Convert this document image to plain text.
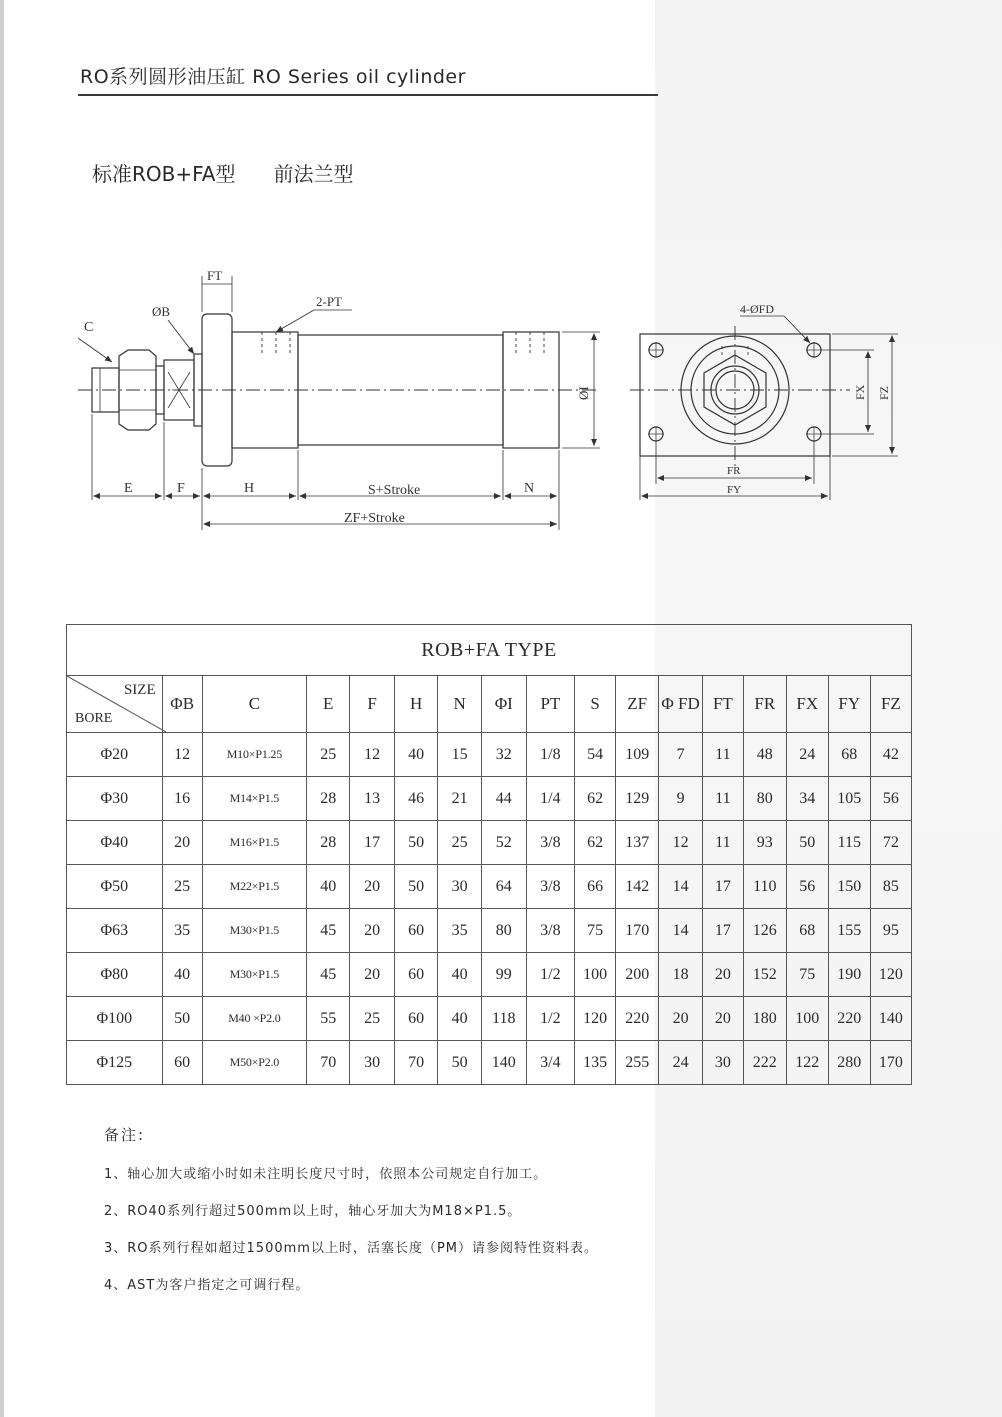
RO系列圆形油压缸 RO Series oil cylinder
标准ROB+FA型 前法兰型
C
ØB
FT
2-PT
ØI
E	F	H	S+Stroke	N
ZF+Stroke
4-ØFD
FX FZ
FR
FY
ROB+FA TYPE																

SIZE
BORE	ΦB	C	E	F	H	N	ΦI	PT	S	ZF	Φ FD	FT	FR	FX	FY	FZ
Φ20	12	M10×P1.25	25	12	40	15	32	1/8	54	109	7	11	48	24	68	42
Φ30	16	M14×P1.5	28	13	46	21	44	1/4	62	129	9	11	80	34	105	56
Φ40	20	M16×P1.5	28	17	50	25	52	3/8	62	137	12	11	93	50	115	72
Φ50	25	M22×P1.5	40	20	50	30	64	3/8	66	142	14	17	110	56	150	85
Φ63	35	M30×P1.5	45	20	60	35	80	3/8	75	170	14	17	126	68	155	95
Φ80	40	M30×P1.5	45	20	60	40	99	1/2	100	200	18	20	152	75	190	120
Φ100	50	M40 ×P2.0	55	25	60	40	118	1/2	120	220	20	20	180	100	220	140
Φ125	60	M50×P2.0	70	30	70	50	140	3/4	135	255	24	30	222	122	280	170
备注:
1、轴心加大或缩小时如未注明长度尺寸时，依照本公司规定自行加工。
2、RO40系列行超过500mm以上时，轴心牙加大为M18×P1.5。
3、RO系列行程如超过1500mm以上时，活塞长度（PM）请参阅特性资料表。
4、AST为客户指定之可调行程。
